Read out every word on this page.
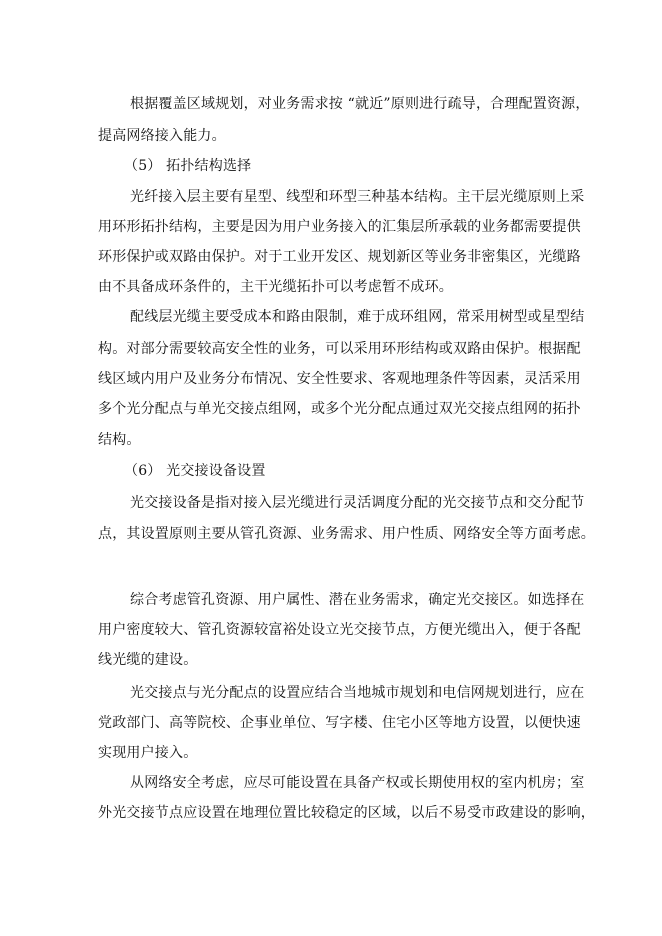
根据覆盖区域规划，对业务需求按 “就近”原则进行疏导，合理配置资源，
提高网络接入能力。
（5） 拓扑结构选择
光纤接入层主要有星型、线型和环型三种基本结构。主干层光缆原则上采
用环形拓扑结构，主要是因为用户业务接入的汇集层所承载的业务都需要提供
环形保护或双路由保护。对于工业开发区、规划新区等业务非密集区，光缆路
由不具备成环条件的，主干光缆拓扑可以考虑暂不成环。
配线层光缆主要受成本和路由限制，难于成环组网，常采用树型或星型结
构。对部分需要较高安全性的业务，可以采用环形结构或双路由保护。根据配
线区域内用户及业务分布情况、安全性要求、客观地理条件等因素，灵活采用
多个光分配点与单光交接点组网，或多个光分配点通过双光交接点组网的拓扑
结构。
（6） 光交接设备设置
光交接设备是指对接入层光缆进行灵活调度分配的光交接节点和交分配节
点，其设置原则主要从管孔资源、业务需求、用户性质、网络安全等方面考虑。
综合考虑管孔资源、用户属性、潜在业务需求，确定光交接区。如选择在
用户密度较大、管孔资源较富裕处设立光交接节点，方便光缆出入，便于各配
线光缆的建设。
光交接点与光分配点的设置应结合当地城市规划和电信网规划进行，应在
党政部门、高等院校、企事业单位、写字楼、住宅小区等地方设置，以便快速
实现用户接入。
从网络安全考虑，应尽可能设置在具备产权或长期使用权的室内机房；室
外光交接节点应设置在地理位置比较稳定的区域，以后不易受市政建设的影响，
